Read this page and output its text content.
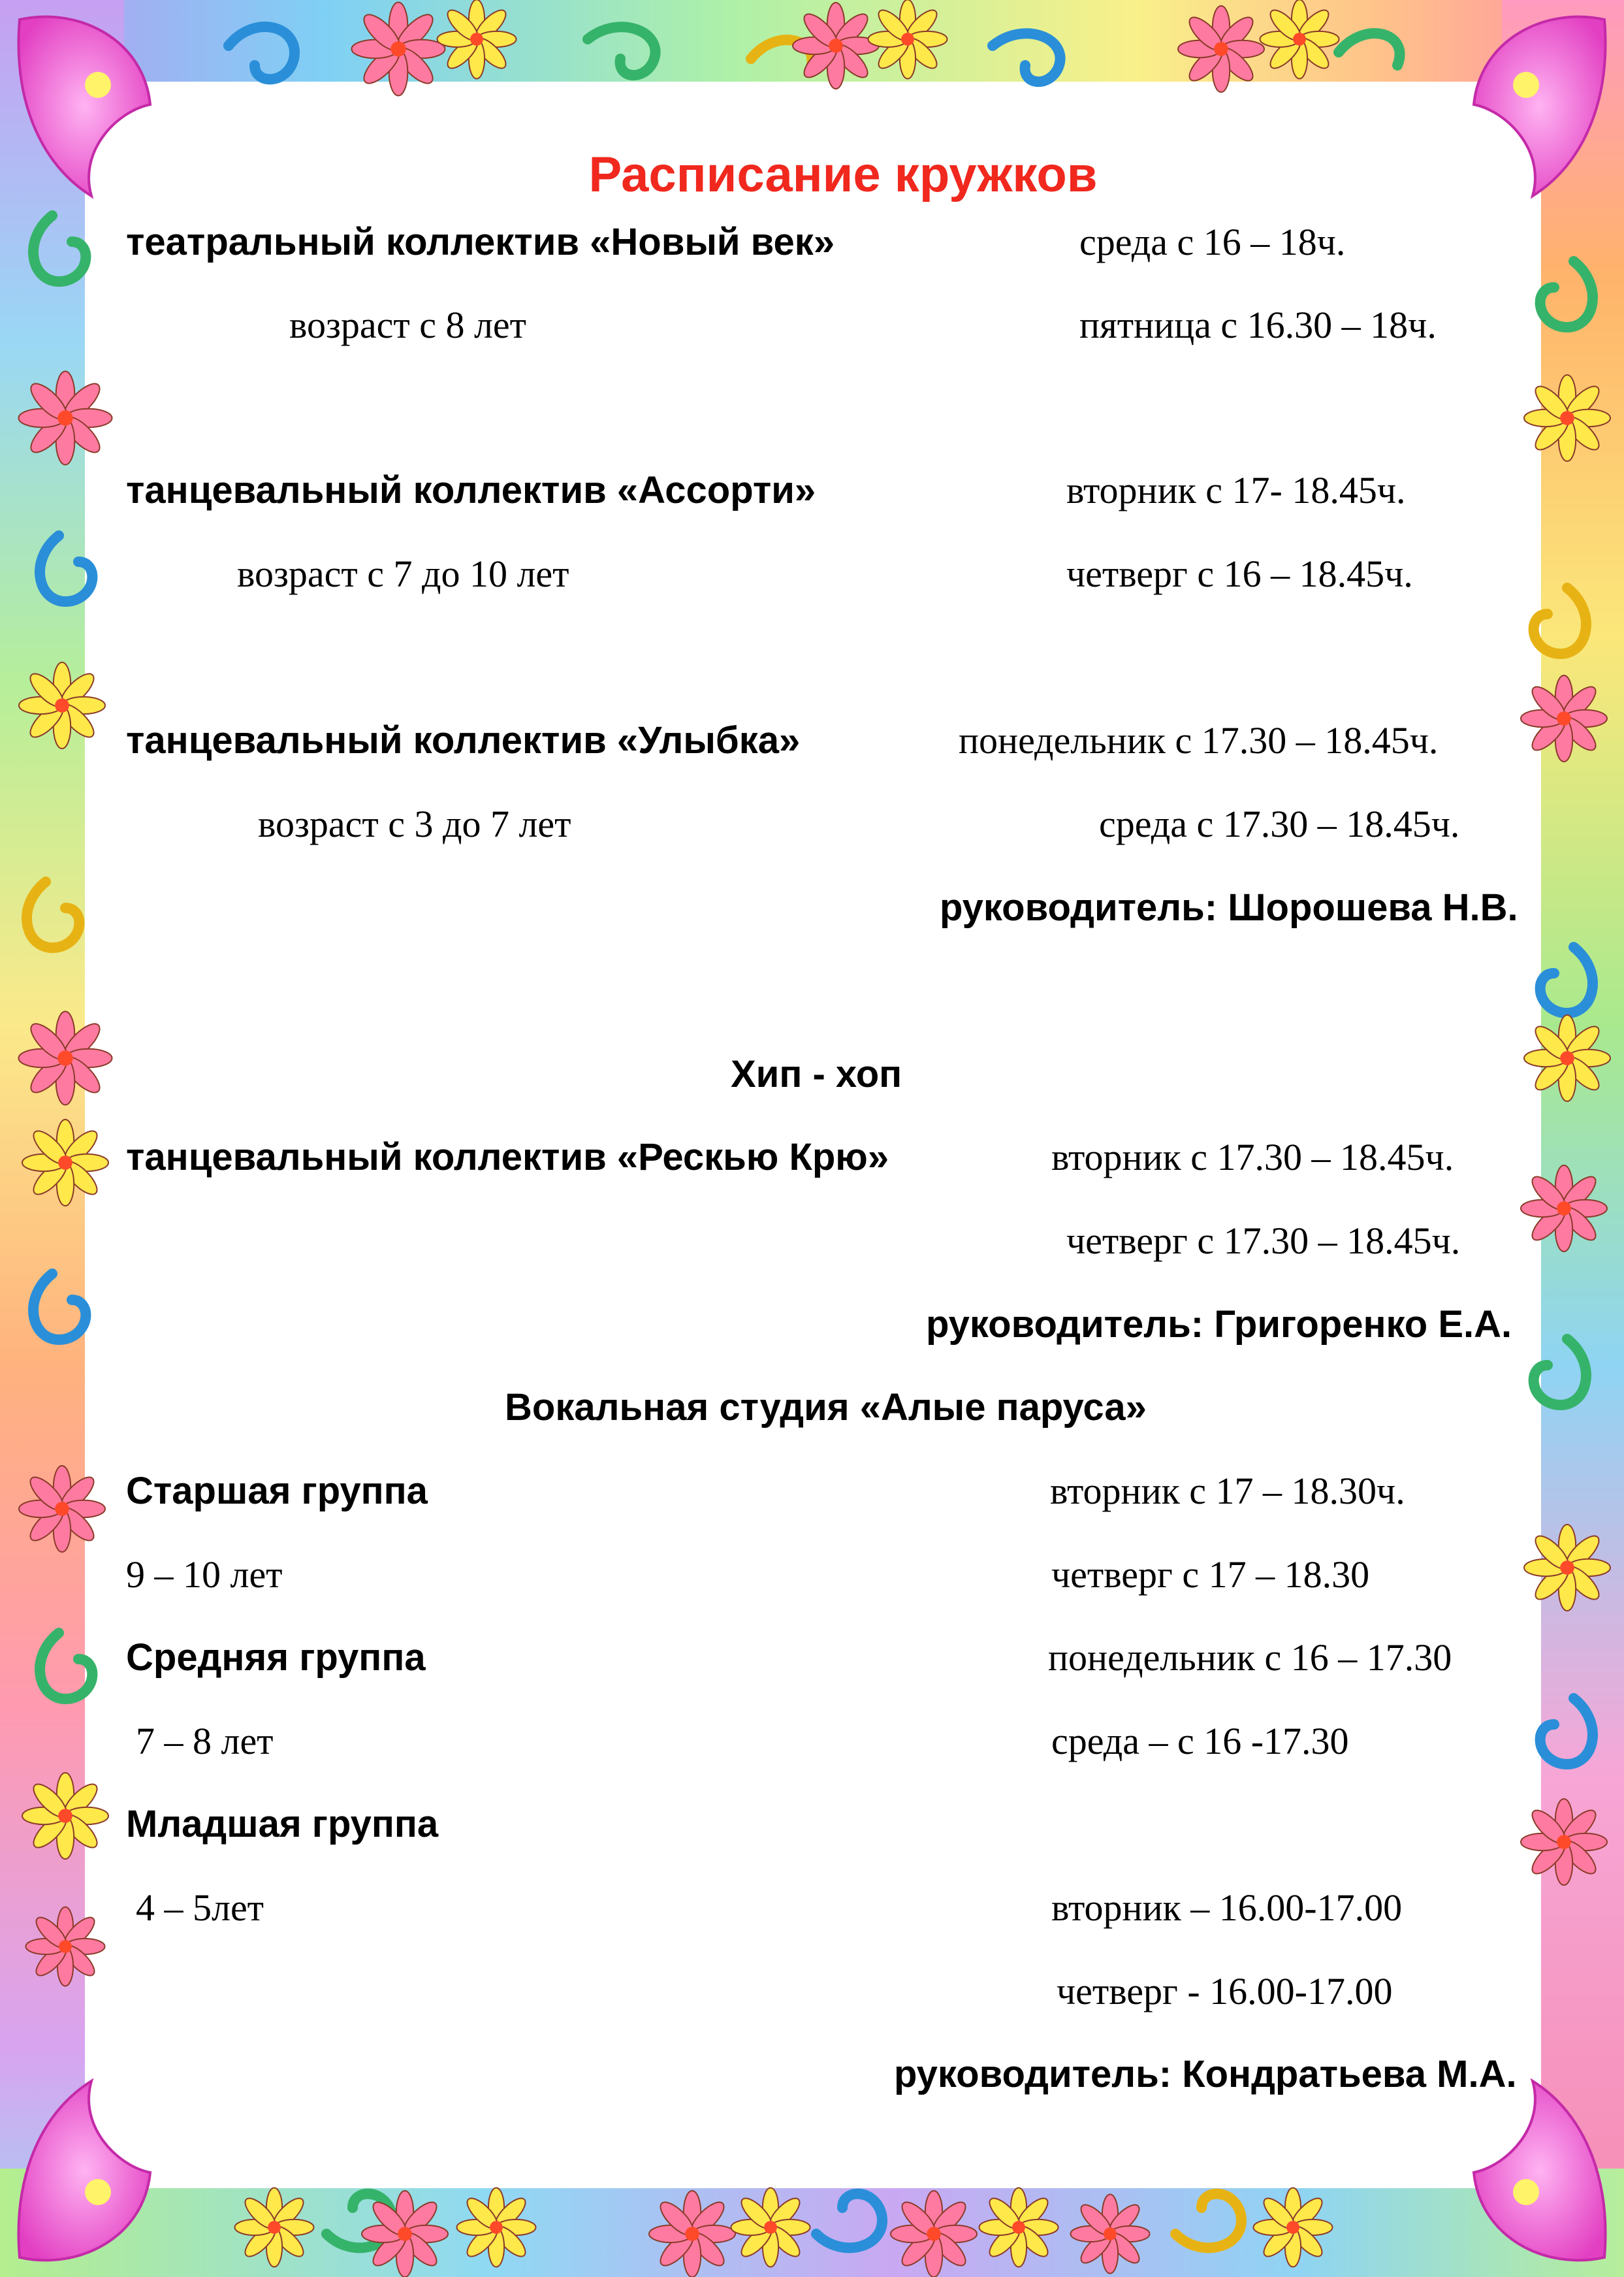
Расписание кружков
театральный коллектив «Новый век»	среда с 16 – 18ч.
возраст с 8 лет	пятница с 16.30 – 18ч.
танцевальный коллектив «Ассорти»	вторник с 17- 18.45ч.
возраст с 7 до 10 лет	четверг с 16 – 18.45ч.
танцевальный коллектив «Улыбка»	понедельник с 17.30 – 18.45ч.
возраст с 3 до 7 лет	среда с 17.30 – 18.45ч.
руководитель: Шорошева Н.В.
Хип - хоп
танцевальный коллектив «Рескью Крю»	вторник с 17.30 – 18.45ч.
четверг с 17.30 – 18.45ч.
руководитель: Григоренко Е.А.
Вокальная студия «Алые паруса»
Старшая группа	вторник с 17 – 18.30ч.
9 – 10 лет	четверг с 17 – 18.30
Средняя группа	понедельник с 16 – 17.30
7 – 8 лет	среда – с 16 -17.30
Младшая группа
4 – 5лет	вторник – 16.00-17.00
четверг - 16.00-17.00
руководитель: Кондратьева М.А.
